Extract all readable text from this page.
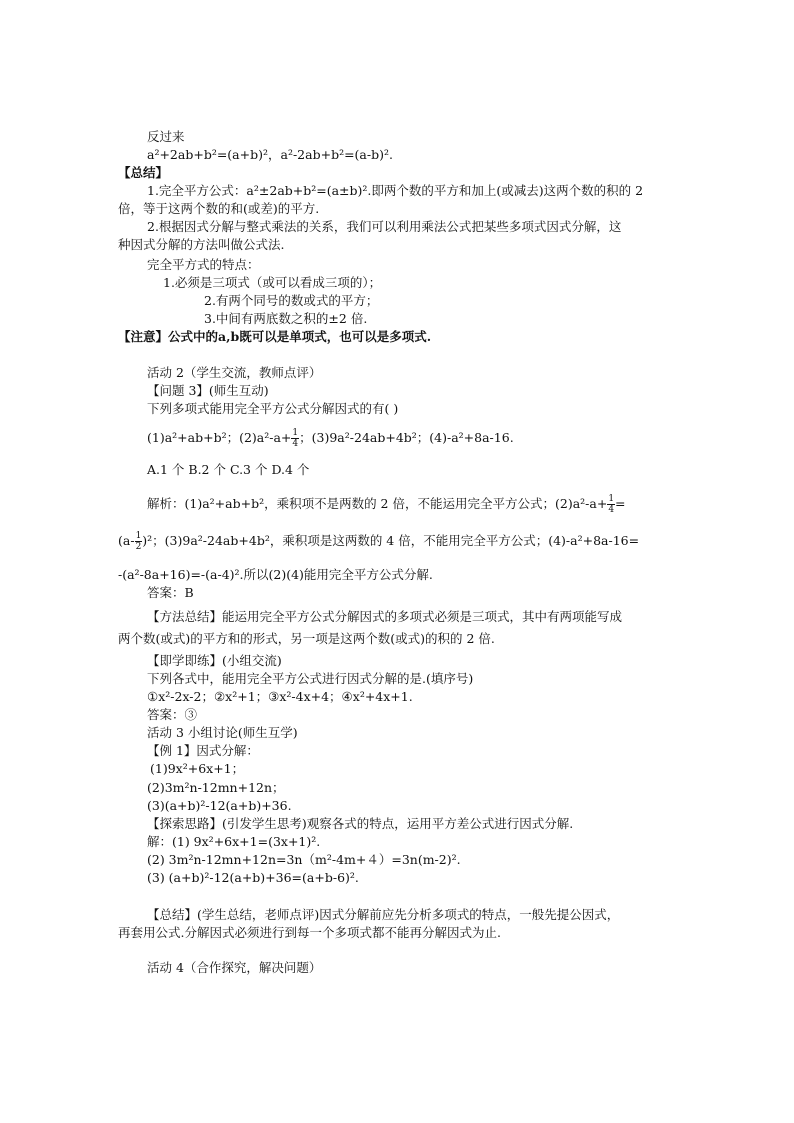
反过来
a²+2ab+b²=(a+b)²，a²-2ab+b²=(a-b)².
【总结】
1.完全平方公式：a²±2ab+b²=(a±b)².即两个数的平方和加上(或减去)这两个数的积的 2
倍，等于这两个数的和(或差)的平方.
2.根据因式分解与整式乘法的关系，我们可以利用乘法公式把某些多项式因式分解，这
种因式分解的方法叫做公式法.
完全平方式的特点：
1.必须是三项式（或可以看成三项的）；
2.有两个同号的数或式的平方；
3.中间有两底数之积的±2 倍.
【注意】公式中的a,b既可以是单项式，也可以是多项式.
活动 2（学生交流，教师点评）
【问题 3】(师生互动)
下列多项式能用完全平方公式分解因式的有( )
(1)a²+ab+b²；$(2)a^2-a+ \frac{1}{4}$ ；(3)9a²-24ab+4b²；(4)-a²+8a-16.
A.1 个 B.2 个 C.3 个 D.4 个
解析：(1)a²+ab+b²，乘积项不是两数的 2 倍，不能运用完全平方公式；$(2)a^2-a+ \frac{1}{4}$ =
$(a- \frac{1}{2} )^2$；(3)9a²-24ab+4b²，乘积项是这两数的 4 倍，不能用完全平方公式；(4)-a²+8a-16=
-(a²-8a+16)=-(a-4)².所以(2)(4)能用完全平方公式分解.
答案：B
【方法总结】能运用完全平方公式分解因式的多项式必须是三项式，其中有两项能写成
两个数(或式)的平方和的形式，另一项是这两个数(或式)的积的 2 倍.
【即学即练】(小组交流)
下列各式中，能用完全平方公式进行因式分解的是.(填序号)
①x²-2x-2；②x²+1；③x²-4x+4；④x²+4x+1.
答案：③
活动 3 小组讨论(师生互学)
【例 1】因式分解：
(1)9x²+6x+1；
(2)3m²n-12mn+12n；
(3)(a+b)²-12(a+b)+36.
【探索思路】(引发学生思考)观察各式的特点，运用平方差公式进行因式分解.
解：(1) 9x²+6x+1=(3x+1)².
(2) 3m²n-12mn+12n=3n（m²-4m+４）=3n(m-2)².
(3) (a+b)²-12(a+b)+36=(a+b-6)².
【总结】(学生总结，老师点评)因式分解前应先分析多项式的特点，一般先提公因式，
再套用公式.分解因式必须进行到每一个多项式都不能再分解因式为止.
活动 4（合作探究，解决问题）
